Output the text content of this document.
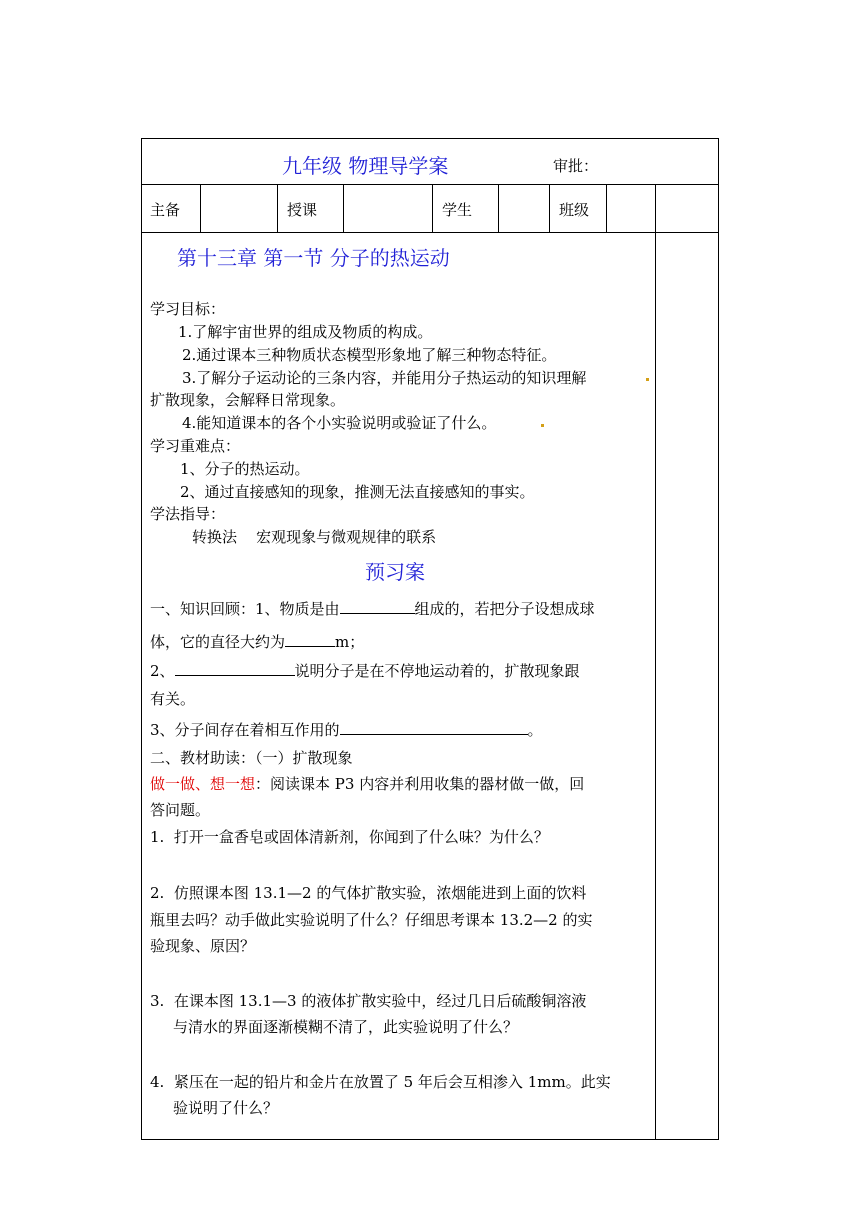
九年级 物理导学案	审批：
主备	授课	学生	班级
第十三章 第一节 分子的热运动
学习目标：
1.了解宇宙世界的组成及物质的构成。
2.通过课本三种物质状态模型形象地了解三种物态特征。
3.了解分子运动论的三条内容，并能用分子热运动的知识理解
扩散现象，会解释日常现象。
4.能知道课本的各个小实验说明或验证了什么。
学习重难点：
1、分子的热运动。
2、通过直接感知的现象，推测无法直接感知的事实。
学法指导：
转换法    宏观现象与微观规律的联系
预习案
一、知识回顾：1、物质是由	组成的，若把分子设想成球
体，它的直径大约为	m；
2、	说明分子是在不停地运动着的，扩散现象跟
有关。
3、分子间存在着相互作用的	。
二、教材助读：（一）扩散现象
做一做、想一想：阅读课本 P3 内容并利用收集的器材做一做，回
答问题。
1.  打开一盒香皂或固体清新剂，你闻到了什么味？为什么？
2.  仿照课本图 13.1—2 的气体扩散实验，浓烟能进到上面的饮料
瓶里去吗？动手做此实验说明了什么？仔细思考课本 13.2—2 的实
验现象、原因？
3.  在课本图 13.1—3 的液体扩散实验中，经过几日后硫酸铜溶液
与清水的界面逐渐模糊不清了，此实验说明了什么？
4.  紧压在一起的铅片和金片在放置了 5 年后会互相渗入 1mm。此实
验说明了什么？
